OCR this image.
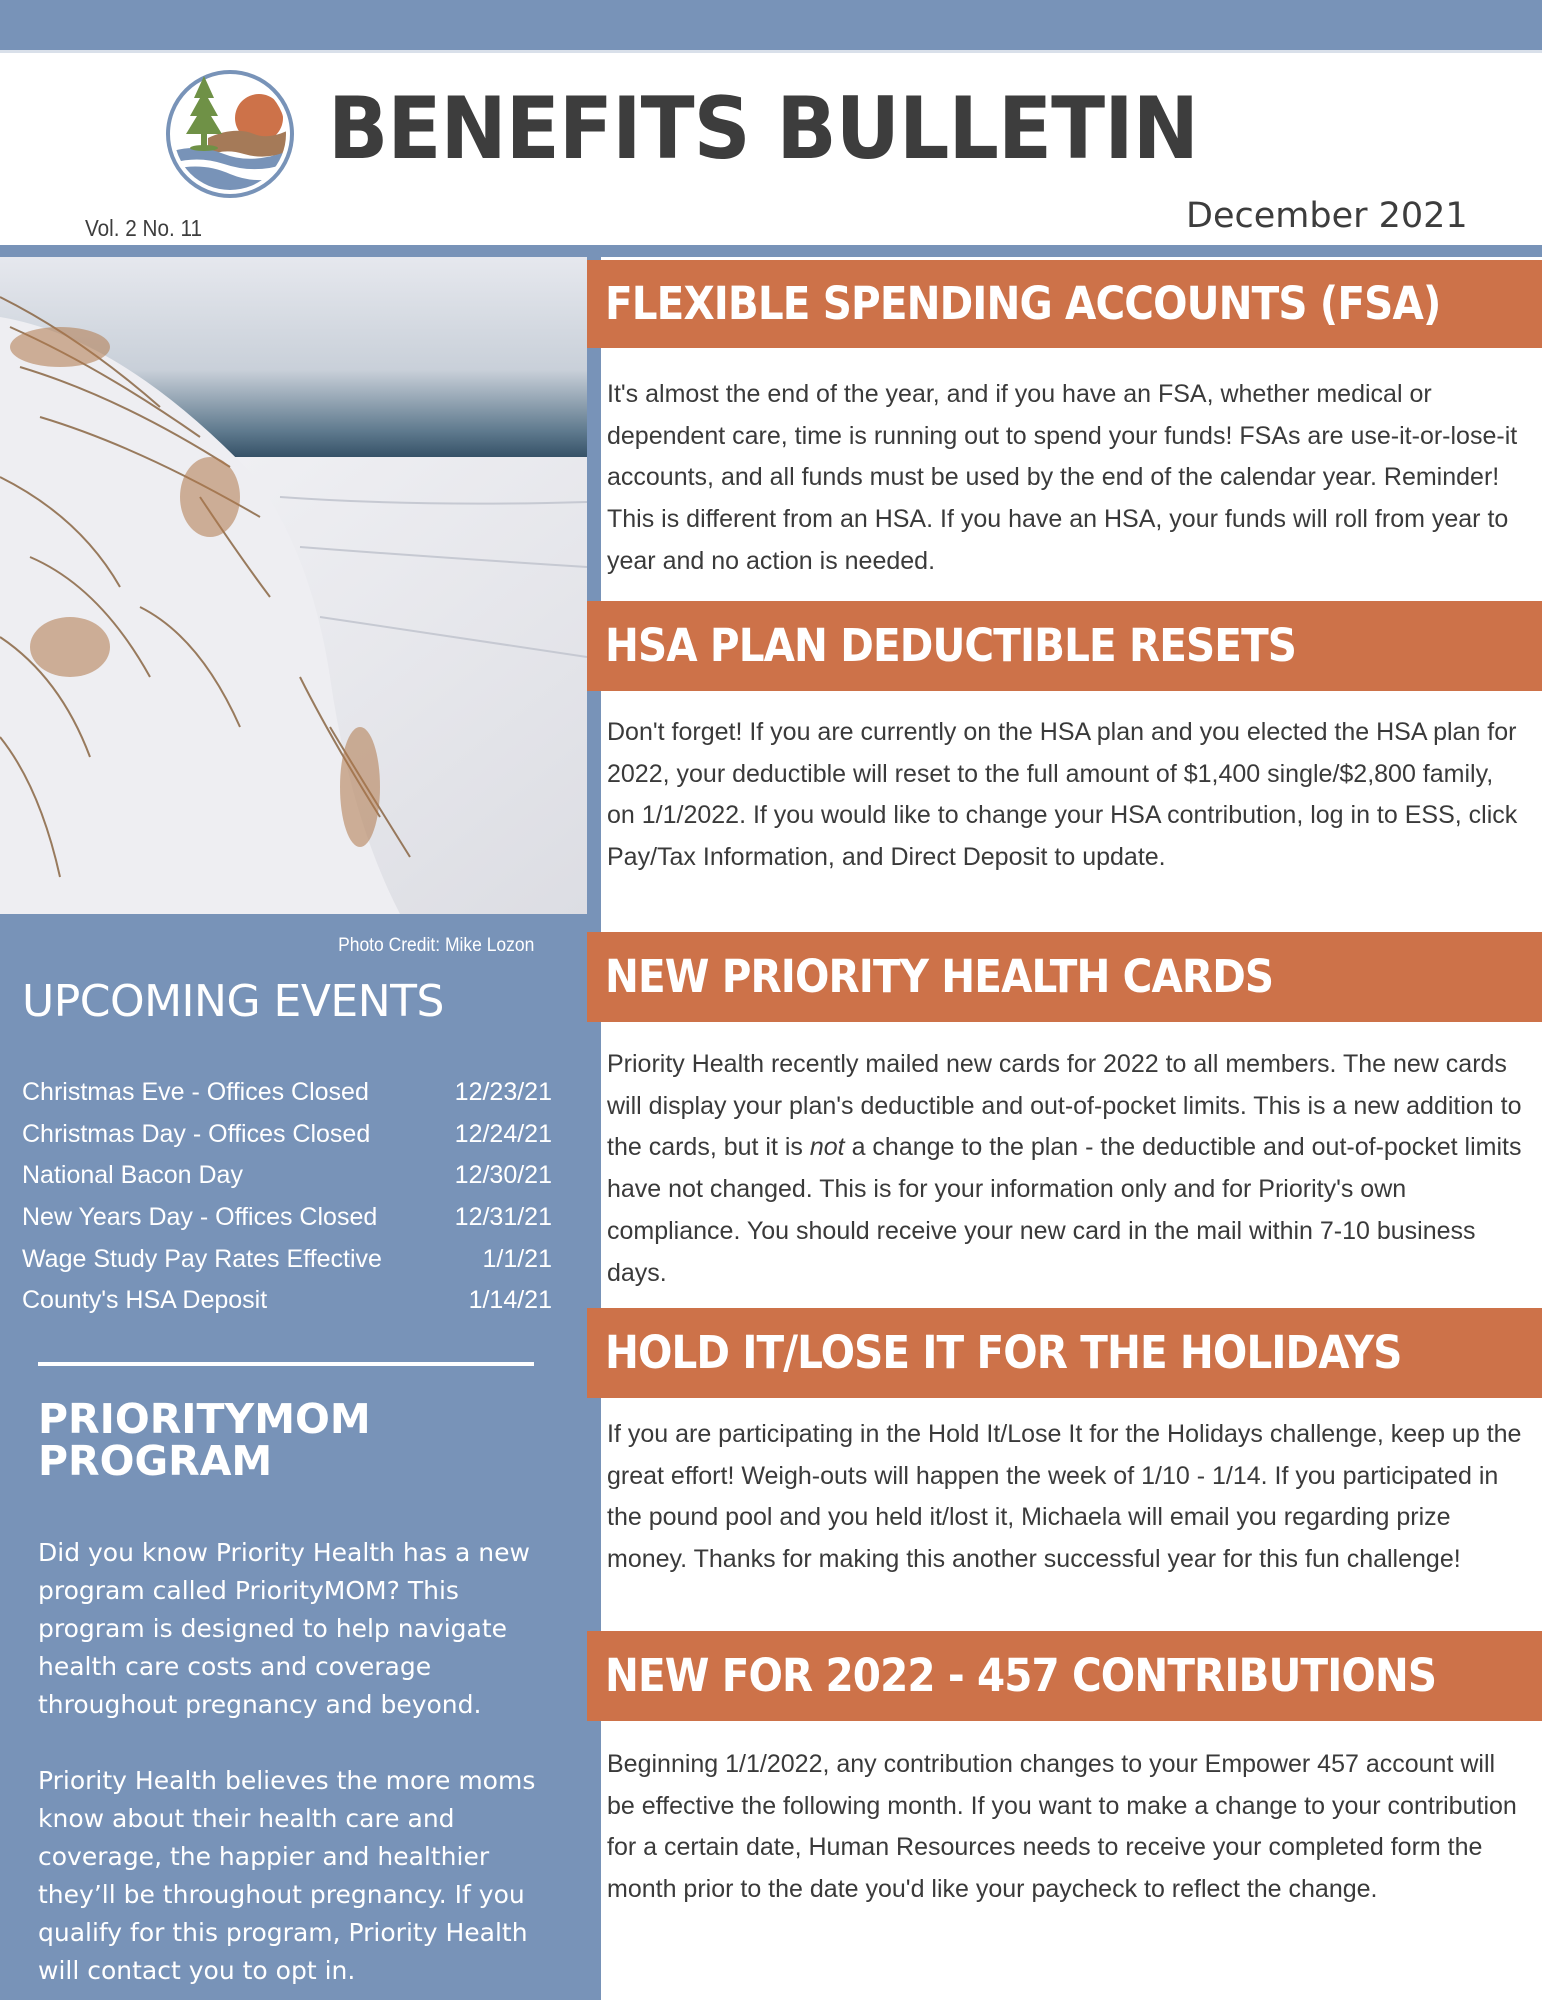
BENEFITS BULLETIN
Vol. 2 No. 11	December 2021
Photo Credit: Mike Lozon
UPCOMING EVENTS
Christmas Eve - Offices Closed	12/23/21
Christmas Day - Offices Closed	12/24/21
National Bacon Day	12/30/21
New Years Day - Offices Closed	12/31/21
Wage Study Pay Rates Effective	1/1/21
County's HSA Deposit	1/14/21
PRIORITYMOM PROGRAM

Did you know Priority Health has a new program called PriorityMOM? This program is designed to help navigate health care costs and coverage throughout pregnancy and beyond.

Priority Health believes the more moms know about their health care and coverage, the happier and healthier they’ll be throughout pregnancy. If you qualify for this program, Priority Health will contact you to opt in.

FLEXIBLE SPENDING ACCOUNTS (FSA)

It's almost the end of the year, and if you have an FSA, whether medical or dependent care, time is running out to spend your funds! FSAs are use-it-or-lose-it accounts, and all funds must be used by the end of the calendar year. Reminder! This is different from an HSA. If you have an HSA, your funds will roll from year to year and no action is needed.

HSA PLAN DEDUCTIBLE RESETS

Don't forget! If you are currently on the HSA plan and you elected the HSA plan for 2022, your deductible will reset to the full amount of $1,400 single/$2,800 family, on 1/1/2022. If you would like to change your HSA contribution, log in to ESS, click Pay/Tax Information, and Direct Deposit to update.

NEW PRIORITY HEALTH CARDS

Priority Health recently mailed new cards for 2022 to all members. The new cards will display your plan's deductible and out-of-pocket limits. This is a new addition to the cards, but it is not a change to the plan - the deductible and out-of-pocket limits have not changed. This is for your information only and for Priority's own compliance. You should receive your new card in the mail within 7-10 business days.

HOLD IT/LOSE IT FOR THE HOLIDAYS

If you are participating in the Hold It/Lose It for the Holidays challenge, keep up the great effort! Weigh-outs will happen the week of 1/10 - 1/14. If you participated in the pound pool and you held it/lost it, Michaela will email you regarding prize money. Thanks for making this another successful year for this fun challenge!

NEW FOR 2022 - 457 CONTRIBUTIONS

Beginning 1/1/2022, any contribution changes to your Empower 457 account will be effective the following month. If you want to make a change to your contribution for a certain date, Human Resources needs to receive your completed form the month prior to the date you'd like your paycheck to reflect the change.
